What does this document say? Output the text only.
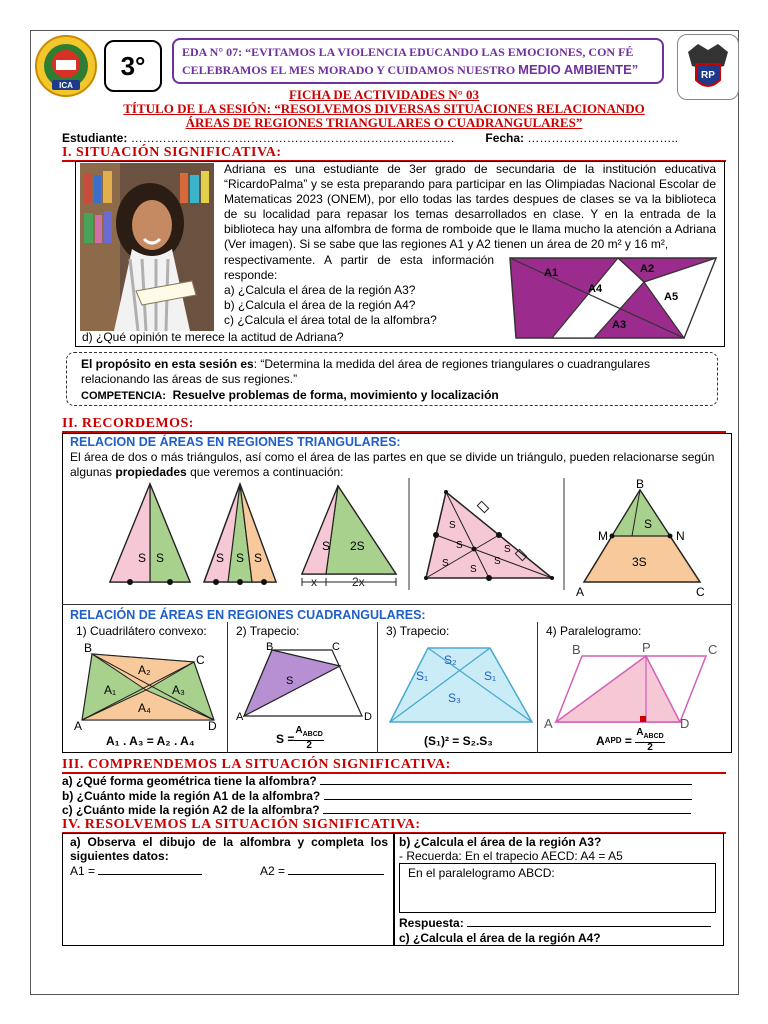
ICA
3°	EDA N° 07: “EVITAMOS LA VIOLENCIA EDUCANDO LAS EMOCIONES, CON FÉ
CELEBRAMOS EL MES MORADO Y CUIDAMOS NUESTRO MEDIO AMBIENTE”	RP
FICHA DE ACTIVIDADES N° 03
TÍTULO DE LA SESIÓN: “RESOLVEMOS DIVERSAS SITUACIONES RELACIONANDO
ÁREAS DE REGIONES TRIANGULARES O CUADRANGULARES”
Estudiante: ………………………………………………………………………	Fecha: ………………………………..
I. SITUACIÓN SIGNIFICATIVA:
Adriana es una estudiante de 3er grado de secundaria de la institución educativa “RicardoPalma” y se esta preparando para participar en las Olimpiadas Nacional Escolar de Matematicas 2023 (ONEM), por ello todas las tardes despues de clases se va la biblioteca de su localidad para repasar los temas desarrollados en clase. Y en la entrada de la biblioteca hay una alfombra de forma de romboide que le llama mucho la atención a Adriana (Ver imagen). Si se sabe que las regiones A1 y A2 tienen un área de 20 m² y 16 m²,
respectivamente. A partir de esta información
responde:
a) ¿Calcula el área de la región A3?
b) ¿Calcula el área de la región A4?
c) ¿Calcula el área total de la alfombra?
d) ¿Qué opinión te merece la actitud de Adriana?
A1	A2
A4
A5
A3
El propósito en esta sesión es: “Determina la medida del área de regiones triangulares o cuadrangulares relacionando las áreas de sus regiones.”
COMPETENCIA: Resuelve problemas de forma, movimiento y localización
II. RECORDEMOS:
RELACION DE ÁREAS EN REGIONES TRIANGULARES:
El área de dos o más triángulos, así como el área de las partes en que se divide un triángulo, pueden relacionarse según
algunas propiedades que veremos a continuación:
S S	S S S
S 2S
x	2x
S
S
S
S
S
S
S
3S
B
M	N
A	C
RELACIÓN DE ÁREAS EN REGIONES CUADRANGULARES:
1) Cuadrilátero convexo:
B
C
A	D
A₂
A₁	A₃
A₄
A₁ . A₃ = A₂ . A₄
2) Trapecio:
B	C
A	D
S
S =
$A_{ABCD}$
2
3) Trapecio:
S₂
S₁	S₁
S₃
(S₁)² = S₂.S₃
4) Paralelogramo:
B	P	C
A	D
A APD =
$A_{ABCD}$
2
III. COMPRENDEMOS LA SITUACIÓN SIGNIFICATIVA:
a) ¿Qué forma geométrica tiene la alfombra?
b) ¿Cuánto mide la región A1 de la alfombra?
c) ¿Cuánto mide la región A2 de la alfombra?
IV. RESOLVEMOS LA SITUACIÓN SIGNIFICATIVA:
a) Observa el dibujo de la alfombra y completa los siguientes datos:
A1 =	A2 =
b) ¿Calcula el área de la región A3?
- Recuerda: En el trapecio AECD: A4 = A5
En el paralelogramo ABCD:
Respuesta:
c) ¿Calcula el área de la región A4?
